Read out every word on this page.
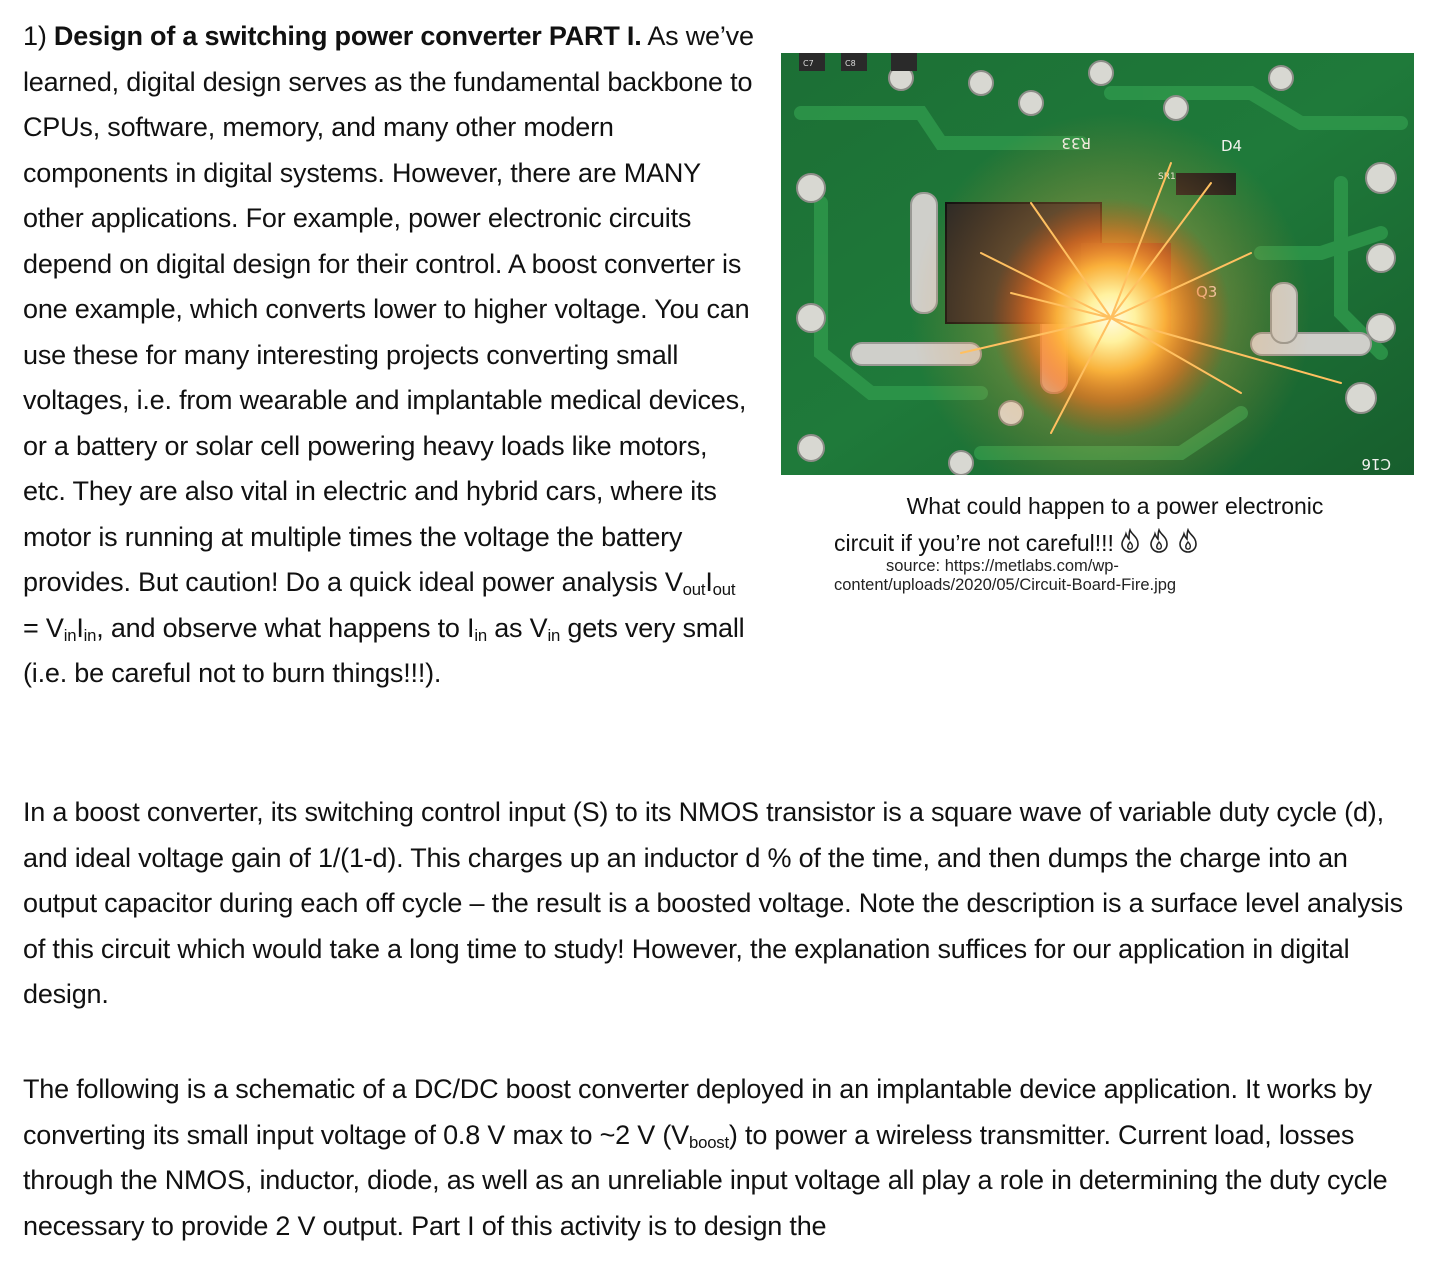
1) Design of a switching power converter PART I. As we’ve learned, digital design serves as the fundamental backbone to CPUs, software, memory, and many other modern components in digital systems. However, there are MANY other applications. For example, power electronic circuits depend on digital design for their control. A boost converter is one example, which converts lower to higher voltage. You can use these for many interesting projects converting small voltages, i.e. from wearable and implantable medical devices, or a battery or solar cell powering heavy loads like motors, etc. They are also vital in electric and hybrid cars, where its motor is running at multiple times the voltage the battery provides. But caution! Do a quick ideal power analysis $V_{out}I_{out} = V_{in}I_{in}$, and observe what happens to $I_{in}$ as $V_{in}$ gets very small (i.e. be careful not to burn things!!!).

D4
C16
C7	C8
What could happen to a power electronic
circuit if you’re not careful!!!
source: https://metlabs.com/wp-
content/uploads/2020/05/Circuit-Board-Fire.jpg

In a boost converter, its switching control input (S) to its NMOS transistor is a square wave of variable duty cycle (d), and ideal voltage gain of 1/(1-d). This charges up an inductor d % of the time, and then dumps the charge into an output capacitor during each off cycle – the result is a boosted voltage. Note the description is a surface level analysis of this circuit which would take a long time to study! However, the explanation suffices for our application in digital design.

The following is a schematic of a DC/DC boost converter deployed in an implantable device application. It works by converting its small input voltage of 0.8 V max to ~2 V $(V_{boost})$ to power a wireless transmitter. Current load, losses through the NMOS, inductor, diode, as well as an unreliable input voltage all play a role in determining the duty cycle necessary to provide 2 V output. Part I of this activity is to design the
